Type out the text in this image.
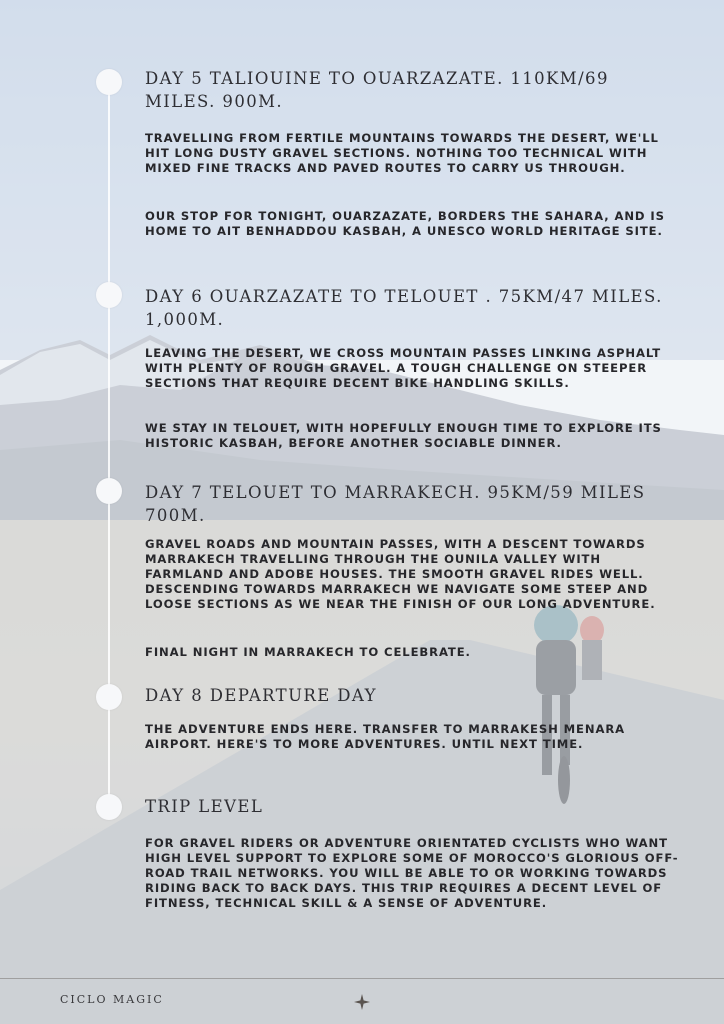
DAY 5 TALIOUINE TO OUARZAZATE. 110KM/69 MILES. 900M.

TRAVELLING FROM FERTILE MOUNTAINS TOWARDS THE DESERT, WE'LL HIT LONG DUSTY GRAVEL SECTIONS. NOTHING TOO TECHNICAL WITH MIXED FINE TRACKS AND PAVED ROUTES TO CARRY US THROUGH.

OUR STOP FOR TONIGHT, OUARZAZATE, BORDERS THE SAHARA, AND IS HOME TO AIT BENHADDOU KASBAH, A UNESCO WORLD HERITAGE SITE.

DAY 6 OUARZAZATE TO TELOUET . 75KM/47 MILES. 1,000M.

LEAVING THE DESERT, WE CROSS MOUNTAIN PASSES LINKING ASPHALT WITH PLENTY OF ROUGH GRAVEL. A TOUGH CHALLENGE ON STEEPER SECTIONS THAT REQUIRE DECENT BIKE HANDLING SKILLS.

WE STAY IN TELOUET, WITH HOPEFULLY ENOUGH TIME TO EXPLORE ITS HISTORIC KASBAH, BEFORE ANOTHER SOCIABLE DINNER.

DAY 7 TELOUET TO MARRAKECH. 95KM/59 MILES 700M.

GRAVEL ROADS AND MOUNTAIN PASSES, WITH A DESCENT TOWARDS MARRAKECH TRAVELLING THROUGH THE OUNILA VALLEY WITH FARMLAND AND ADOBE HOUSES. THE SMOOTH GRAVEL RIDES WELL. DESCENDING TOWARDS MARRAKECH WE NAVIGATE SOME STEEP AND LOOSE SECTIONS AS WE NEAR THE FINISH OF OUR LONG ADVENTURE.

FINAL NIGHT IN MARRAKECH TO CELEBRATE.

DAY 8 DEPARTURE DAY

THE ADVENTURE ENDS HERE. TRANSFER TO MARRAKESH MENARA AIRPORT. HERE'S TO MORE ADVENTURES. UNTIL NEXT TIME.

TRIP LEVEL

FOR GRAVEL RIDERS OR ADVENTURE ORIENTATED CYCLISTS WHO WANT HIGH LEVEL SUPPORT TO EXPLORE SOME OF MOROCCO'S GLORIOUS OFF-ROAD TRAIL NETWORKS. YOU WILL BE ABLE TO OR WORKING TOWARDS RIDING BACK TO BACK DAYS. THIS TRIP REQUIRES A DECENT LEVEL OF FITNESS, TECHNICAL SKILL & A SENSE OF ADVENTURE.

CICLO MAGIC
